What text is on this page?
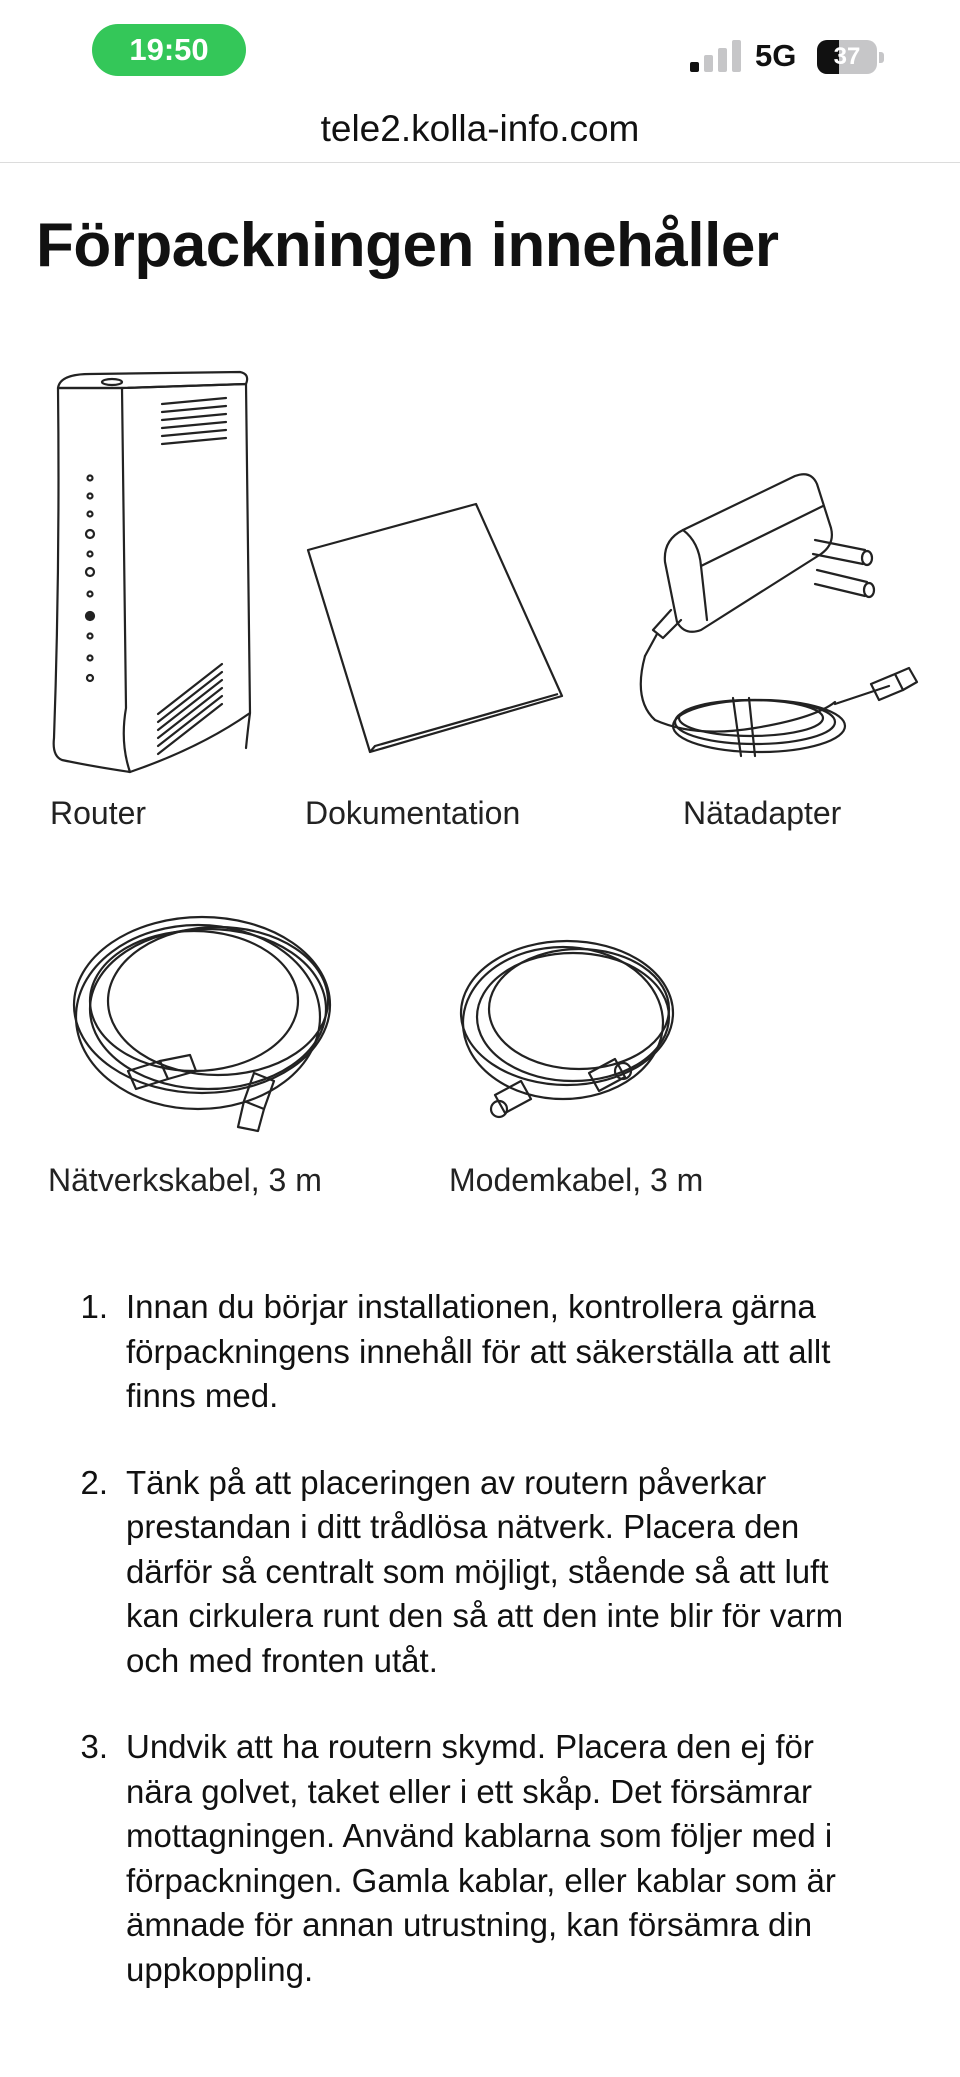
19:50	5G	37
tele2.kolla-info.com
Förpackningen innehåller
Router	Dokumentation	Nätadapter
Nätverkskabel, 3 m	Modemkabel, 3 m
1. Innan du börjar installationen, kontrollera gärna förpackningens innehåll för att säkerställa att allt finns med.
2. Tänk på att placeringen av routern påverkar prestandan i ditt trådlösa nätverk. Placera den därför så centralt som möjligt, stående så att luft kan cirkulera runt den så att den inte blir för varm och med fronten utåt.
3. Undvik att ha routern skymd. Placera den ej för nära golvet, taket eller i ett skåp. Det försämrar mottagningen. Använd kablarna som följer med i förpackningen. Gamla kablar, eller kablar som är ämnade för annan utrustning, kan försämra din uppkoppling.
